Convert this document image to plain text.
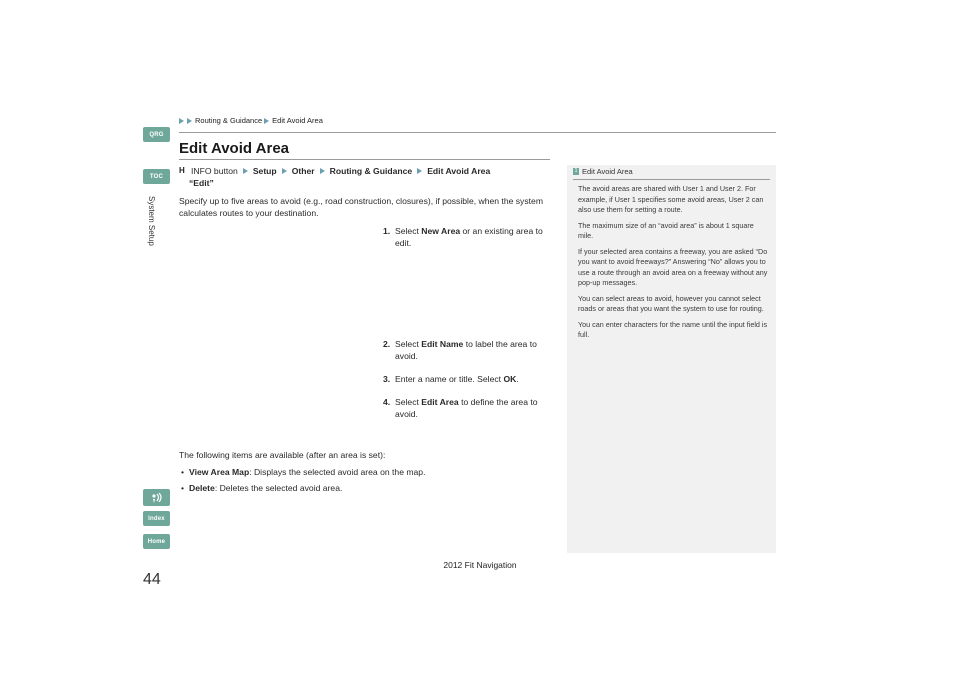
QRG
TOC
System Setup
Index
Home
44
Routing & Guidance Edit Avoid Area
Edit Avoid Area
H INFO button Setup Other Routing & Guidance Edit Avoid Area
“Edit”
Specify up to five areas to avoid (e.g., road construction, closures), if possible, when the system calculates routes to your destination.
1. Select New Area or an existing area to edit.
2. Select Edit Name to label the area to avoid.
3. Enter a name or title. Select OK.
4. Select Edit Area to define the area to avoid.
The following items are available (after an area is set):
• View Area Map: Displays the selected avoid area on the map.
• Delete: Deletes the selected avoid area.
1 Edit Avoid Area

The avoid areas are shared with User 1 and User 2. For example, if User 1 specifies some avoid areas, User 2 can also use them for setting a route.

The maximum size of an “avoid area” is about 1 square mile.

If your selected area contains a freeway, you are asked “Do you want to avoid freeways?” Answering “No” allows you to use a route through an avoid area on a freeway without any pop-up messages.

You can select areas to avoid, however you cannot select roads or areas that you want the system to use for routing.

You can enter characters for the name until the input field is full.

2012 Fit Navigation
